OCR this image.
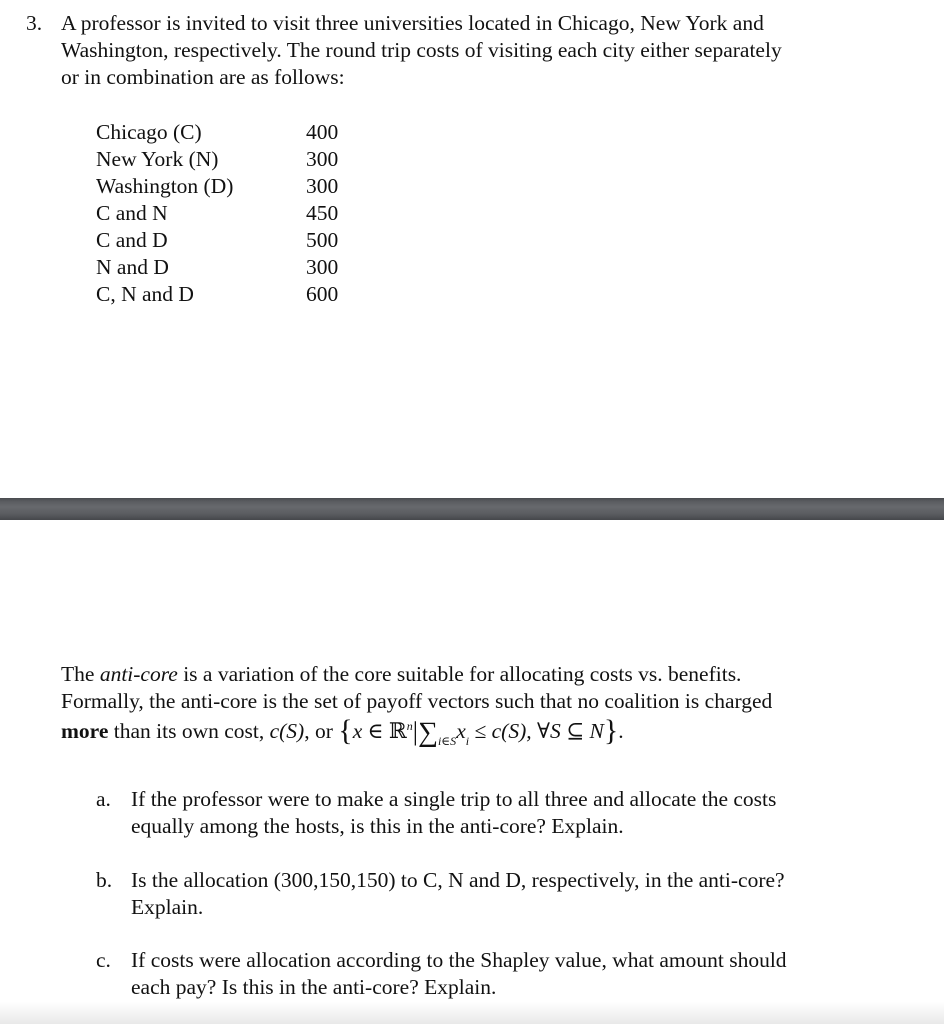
3. A professor is invited to visit three universities located in Chicago, New York and
Washington, respectively. The round trip costs of visiting each city either separately
or in combination are as follows:
Chicago (C)	400
New York (N)	300
Washington (D)	300
C and N	450
C and D	500
N and D	300
C, N and D	600
The anti-core is a variation of the core suitable for allocating costs vs. benefits.
Formally, the anti-core is the set of payoff vectors such that no coalition is charged
more than its own cost, c(S), or {x ∈ $ℝ^n|\sum_{i\in S}x_i \le c(S)$, ∀S ⊆ N}.
a. If the professor were to make a single trip to all three and allocate the costs
equally among the hosts, is this in the anti-core? Explain.
b. Is the allocation (300,150,150) to C, N and D, respectively, in the anti-core?
Explain.
c. If costs were allocation according to the Shapley value, what amount should
each pay? Is this in the anti-core? Explain.
